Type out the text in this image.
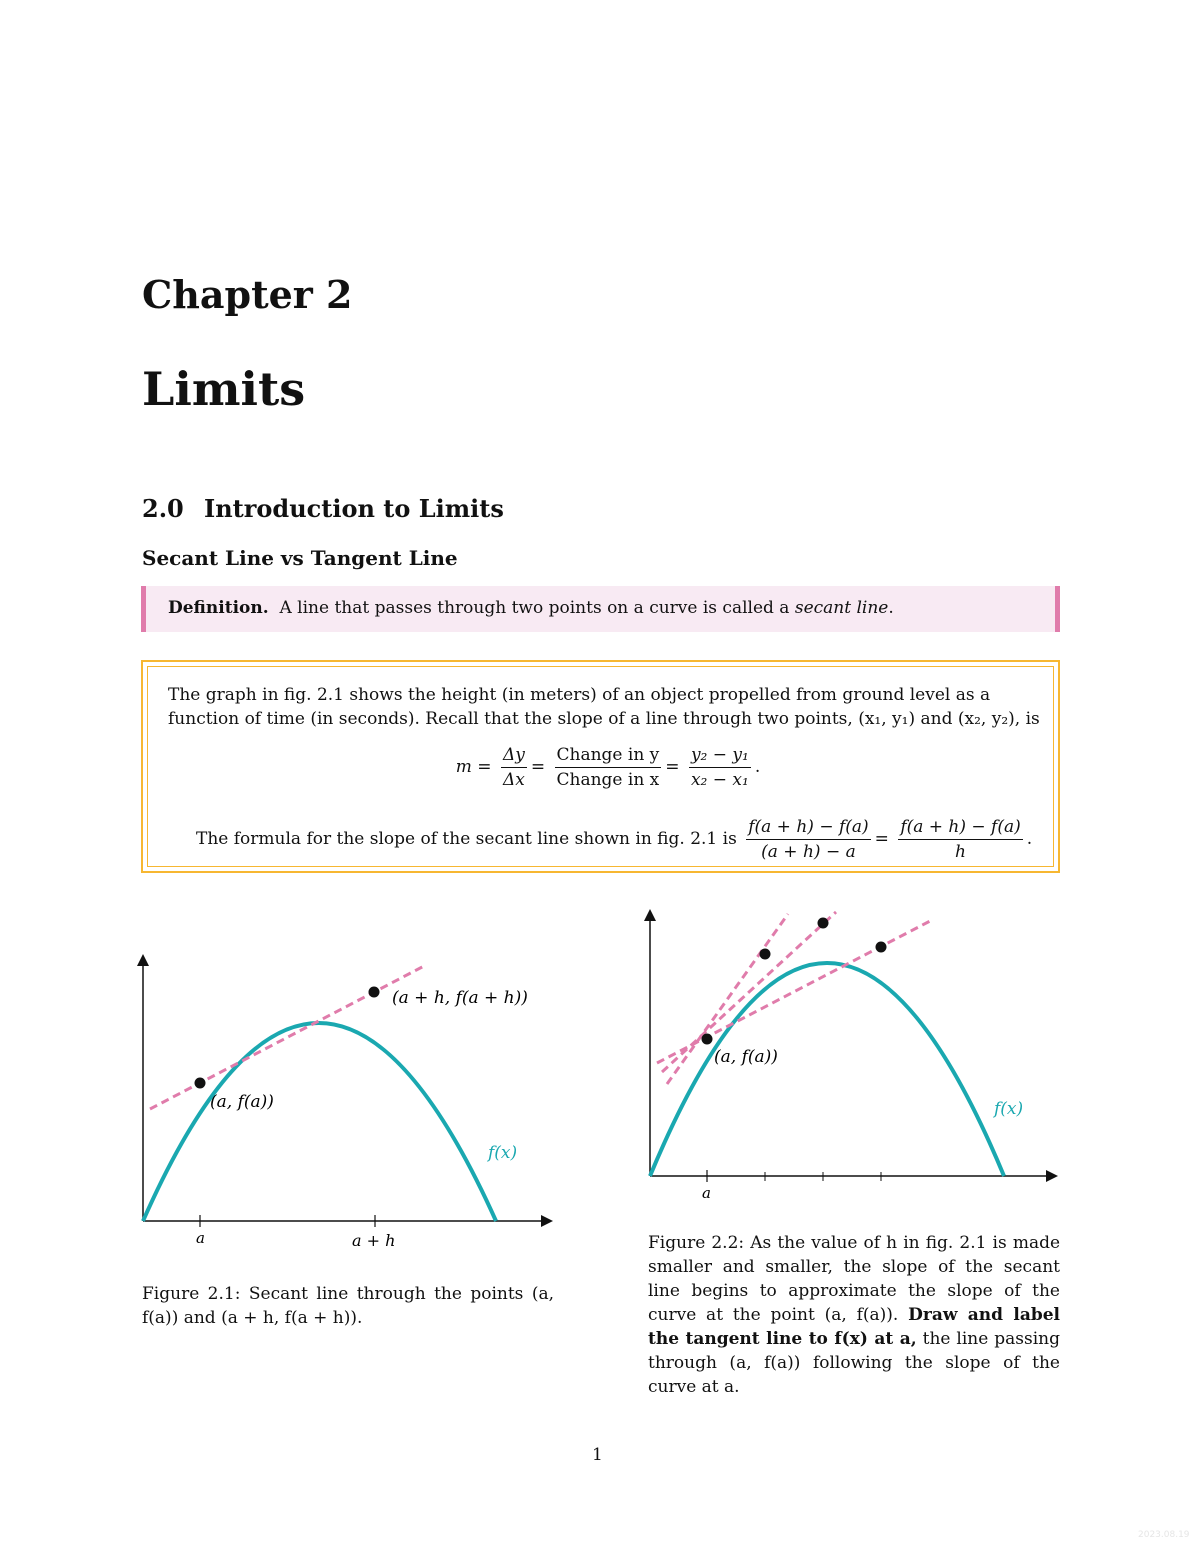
Chapter 2
Limits
2.0 Introduction to Limits
Secant Line vs Tangent Line
Definition. A line that passes through two points on a curve is called a secant line.
The graph in fig. 2.1 shows the height (in meters) of an object propelled from ground level as a function of time (in seconds). Recall that the slope of a line through two points, (x₁, y₁) and (x₂, y₂), is
$m = \frac{\Delta y}{\Delta x} = \frac{\text{Change in y}}{\text{Change in x}} = \frac{\text{y₂ − y₁}}{\text{x₂ − x₁}}$ .
The formula for the slope of the secant line shown in fig. 2.1 is $\frac{f(a + h) - f(a)}{(a + h) - a} = \frac{f(a + h) - f(a)}{h}$ .
(a, f(a))
(a + h, f(a + h))
f(x)
a	a + h
Figure 2.1: Secant line through the points (a, f(a)) and (a + h, f(a + h)).
(a, f(a))
f(x)
a
Figure 2.2: As the value of h in fig. 2.1 is made smaller and smaller, the slope of the secant line begins to approximate the slope of the curve at the point (a, f(a)). Draw and label the tangent line to f(x) at a, the line passing through (a, f(a)) following the slope of the curve at a.
1
2023.08.19
